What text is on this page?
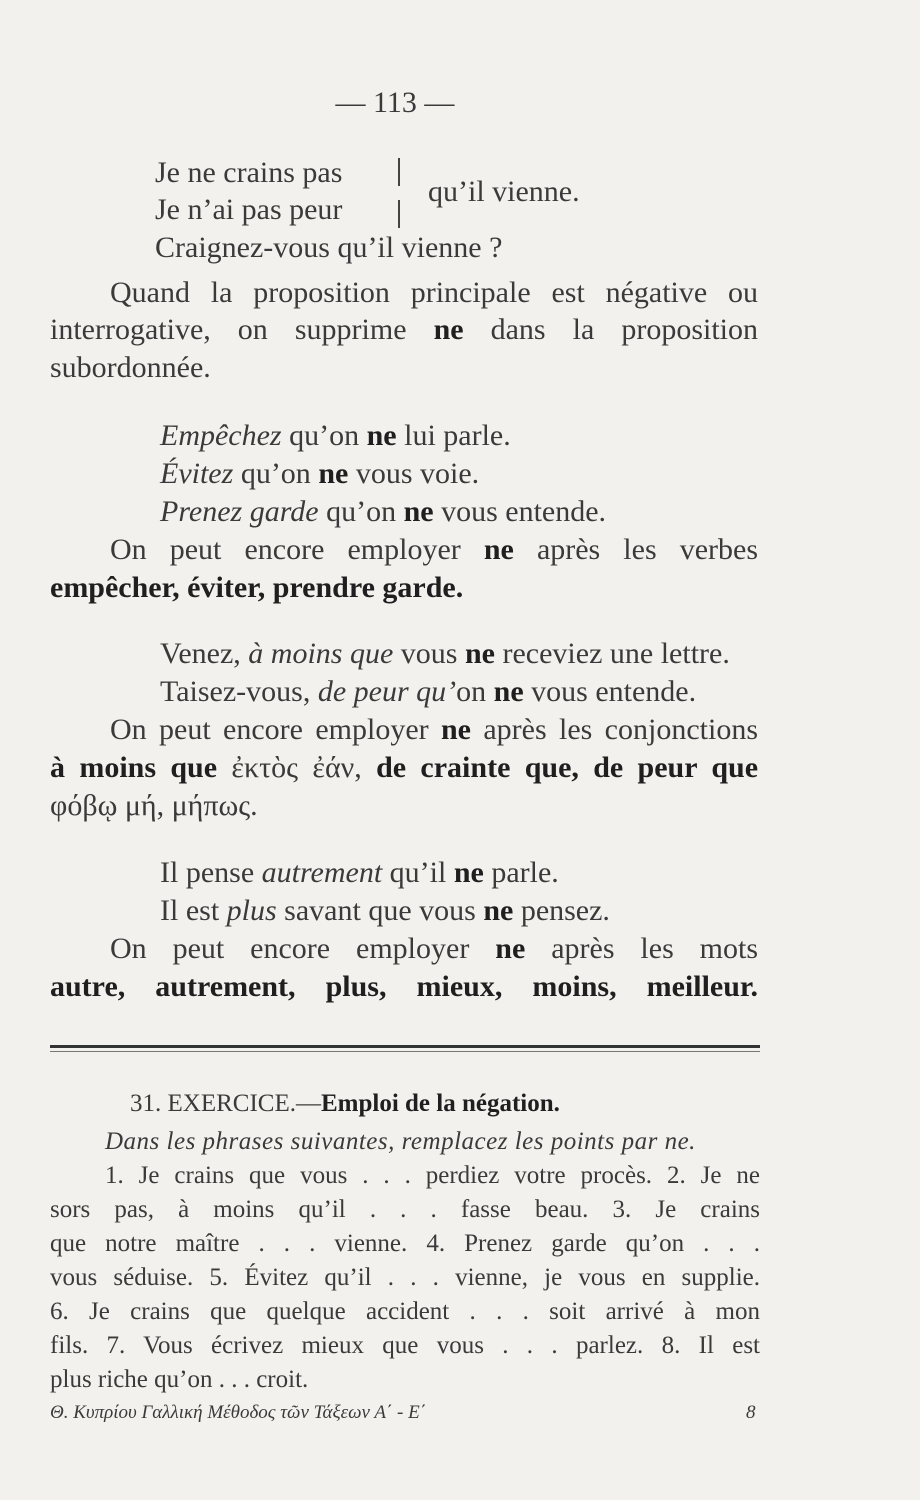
— 113 —
Je ne crains pas
Je n’ai pas peur
qu’il vienne.
Craignez-vous qu’il vienne ?
Quand la proposition principale est négative ou
interrogative, on supprime ne dans la proposition
subordonnée.
Empêchez qu’on ne lui parle.
Évitez qu’on ne vous voie.
Prenez garde qu’on ne vous entende.
On peut encore employer ne après les verbes
empêcher, éviter, prendre garde.
Venez, à moins que vous ne receviez une lettre.
Taisez-vous, de peur qu’on ne vous entende.
On peut encore employer ne après les conjonctions
à moins que ἐκτὸς ἐάν, de crainte que, de peur que
φόβῳ μή, μήπως.
Il pense autrement qu’il ne parle.
Il est plus savant que vous ne pensez.
On peut encore employer ne après les mots
autre, autrement, plus, mieux, moins, meilleur.
31. EXERCICE.—Emploi de la négation.
Dans les phrases suivantes, remplacez les points par ne.
1. Je crains que vous . . . perdiez votre procès. 2. Je ne
sors pas, à moins qu’il . . . fasse beau. 3. Je crains
que notre maître . . . vienne. 4. Prenez garde qu’on . . .
vous séduise. 5. Évitez qu’il . . . vienne, je vous en supplie.
6. Je crains que quelque accident . . . soit arrivé à mon
fils. 7. Vous écrivez mieux que vous . . . parlez. 8. Il est
plus riche qu’on . . . croit.
Θ. Κυπρίου Γαλλική Μέθοδος τῶν Τάξεων Α΄ - Ε΄	8
